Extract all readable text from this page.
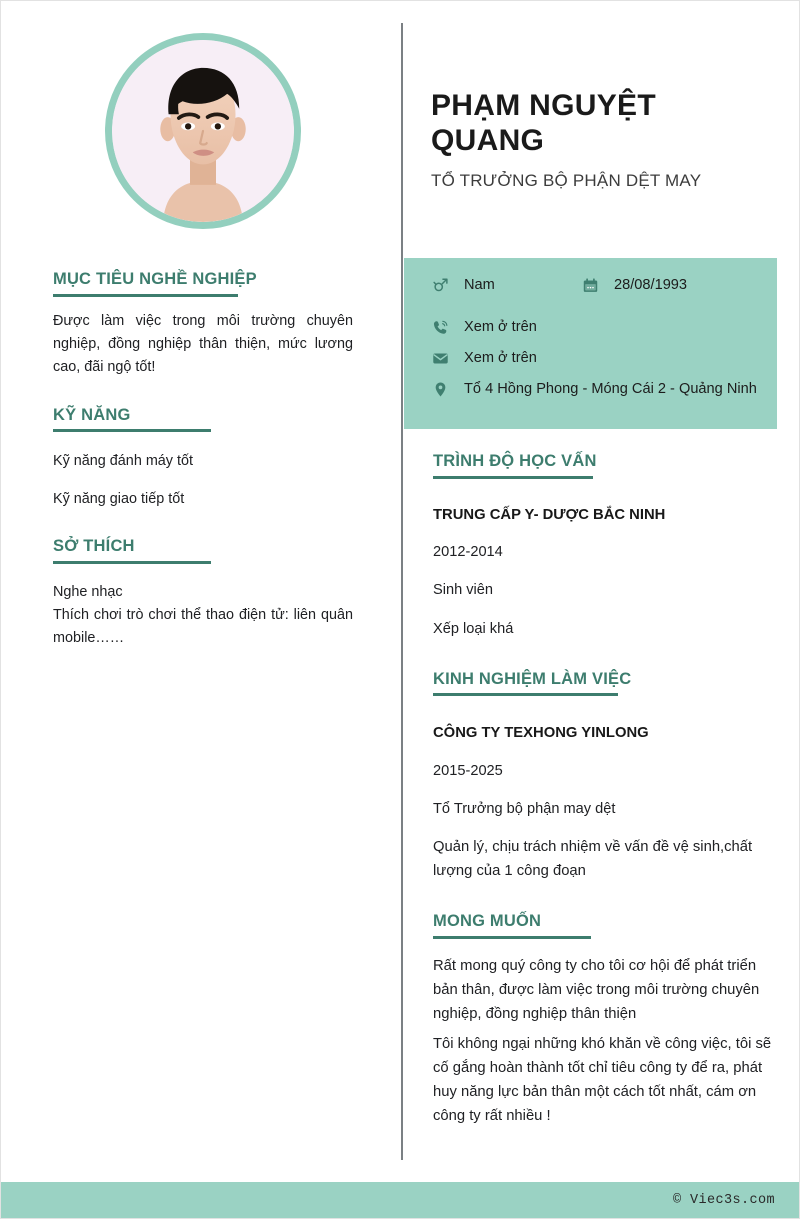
MỤC TIÊU NGHỀ NGHIỆP
Được làm việc trong môi trường chuyên nghiệp, đồng nghiệp thân thiện, mức lương cao, đãi ngộ tốt!
KỸ NĂNG
Kỹ năng đánh máy tốt
Kỹ năng giao tiếp tốt
SỞ THÍCH
Nghe nhạc
Thích chơi trò chơi thể thao điện tử: liên quân mobile……
PHẠM NGUYỆT QUANG
TỔ TRƯỞNG BỘ PHẬN DỆT MAY
Nam	28/08/1993
Xem ở trên
Xem ở trên
Tổ 4 Hồng Phong - Móng Cái 2 - Quảng Ninh
TRÌNH ĐỘ HỌC VẤN
TRUNG CẤP Y- DƯỢC BẮC NINH
2012-2014
Sinh viên
Xếp loại khá
KINH NGHIỆM LÀM VIỆC
CÔNG TY TEXHONG YINLONG
2015-2025
Tổ Trưởng bộ phận may dệt
Quản lý, chịu trách nhiệm về vấn đề vệ sinh,chất lượng của 1 công đoạn
MONG MUỐN
Rất mong quý công ty cho tôi cơ hội để phát triển bản thân, được làm việc trong môi trường chuyên nghiệp, đồng nghiệp thân thiện
Tôi không ngại những khó khăn về công việc, tôi sẽ cố gắng hoàn thành tốt chỉ tiêu công ty để ra, phát huy năng lực bản thân một cách tốt nhất, cám ơn công ty rất nhiều !
© Viec3s.com
